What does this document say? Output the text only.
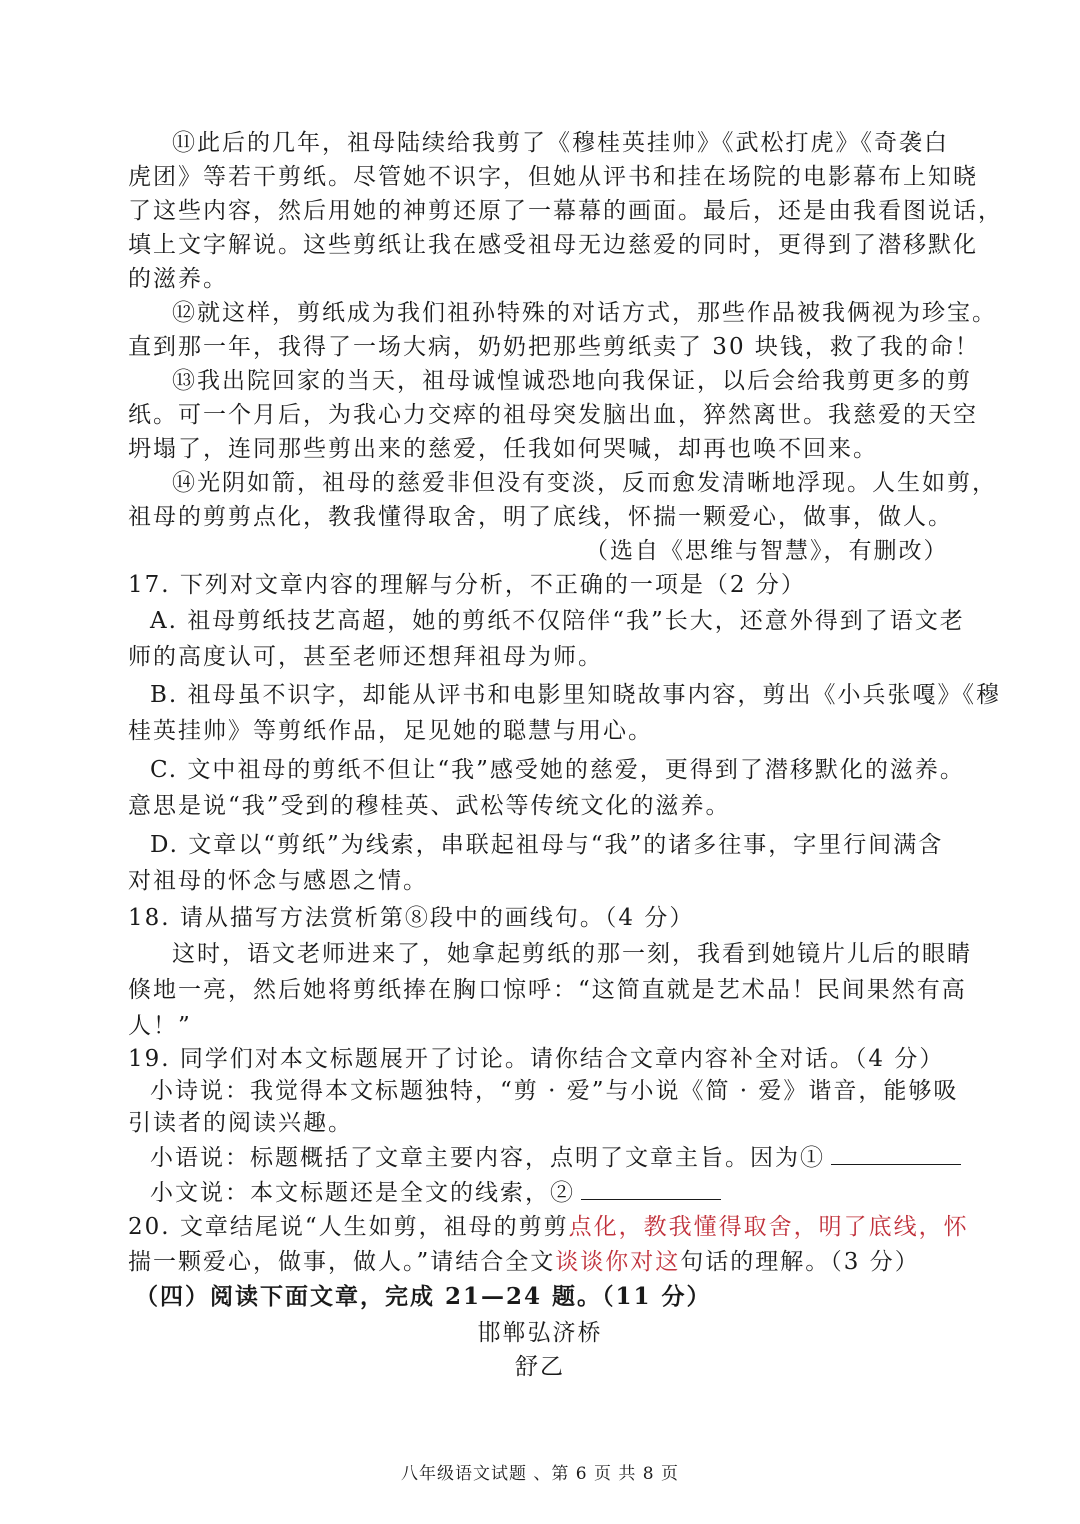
⑪此后的几年，祖母陆续给我剪了《穆桂英挂帅》《武松打虎》《奇袭白
虎团》等若干剪纸。尽管她不识字，但她从评书和挂在场院的电影幕布上知晓
了这些内容，然后用她的神剪还原了一幕幕的画面。最后，还是由我看图说话，
填上文字解说。这些剪纸让我在感受祖母无边慈爱的同时，更得到了潜移默化
的滋养。
⑫就这样，剪纸成为我们祖孙特殊的对话方式，那些作品被我俩视为珍宝。
直到那一年，我得了一场大病，奶奶把那些剪纸卖了 30 块钱，救了我的命！
⑬我出院回家的当天，祖母诚惶诚恐地向我保证，以后会给我剪更多的剪
纸。可一个月后，为我心力交瘁的祖母突发脑出血，猝然离世。我慈爱的天空
坍塌了，连同那些剪出来的慈爱，任我如何哭喊，却再也唤不回来。
⑭光阴如箭，祖母的慈爱非但没有变淡，反而愈发清晰地浮现。人生如剪，
祖母的剪剪点化，教我懂得取舍，明了底线，怀揣一颗爱心，做事，做人。
（选自《思维与智慧》，有删改）
17. 下列对文章内容的理解与分析，不正确的一项是（2 分）
A. 祖母剪纸技艺高超，她的剪纸不仅陪伴“我”长大，还意外得到了语文老
师的高度认可，甚至老师还想拜祖母为师。
B. 祖母虽不识字，却能从评书和电影里知晓故事内容，剪出《小兵张嘎》《穆
桂英挂帅》等剪纸作品，足见她的聪慧与用心。
C. 文中祖母的剪纸不但让“我”感受她的慈爱，更得到了潜移默化的滋养。
意思是说“我”受到的穆桂英、武松等传统文化的滋养。
D. 文章以“剪纸”为线索，串联起祖母与“我”的诸多往事，字里行间满含
对祖母的怀念与感恩之情。
18. 请从描写方法赏析第⑧段中的画线句。（4 分）
这时，语文老师进来了，她拿起剪纸的那一刻，我看到她镜片儿后的眼睛
倏地一亮，然后她将剪纸捧在胸口惊呼：“这简直就是艺术品！民间果然有高
人！”
19. 同学们对本文标题展开了讨论。请你结合文章内容补全对话。（4 分）
小诗说：我觉得本文标题独特，“剪 · 爱”与小说《简 · 爱》谐音，能够吸
引读者的阅读兴趣。
小语说：标题概括了文章主要内容，点明了文章主旨。因为①
小文说：本文标题还是全文的线索，②
20. 文章结尾说“人生如剪，祖母的剪剪点化，教我懂得取舍，明了底线，怀
揣一颗爱心，做事，做人。”请结合全文谈谈你对这句话的理解。（3 分）
（四）阅读下面文章，完成 21—24 题。（11 分）
邯郸弘济桥
舒乙
八年级语文试题 、第 6 页 共 8 页
